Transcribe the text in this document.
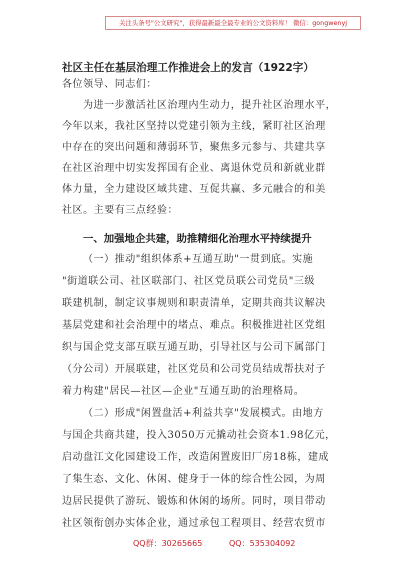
关注头条号"公文研究"，获得最新最全最专业的公文资料库！ 微信：gongwenyj
社区主任在基层治理工作推进会上的发言（1922字）
各位领导、同志们：
为进一步激活社区治理内生动力，提升社区治理水平，
今年以来，我社区坚持以党建引领为主线，紧盯社区治理
中存在的突出问题和薄弱环节，聚焦多元参与、共建共享
在社区治理中切实发挥国有企业、离退休党员和新就业群
体力量，全力建设区域共建、互促共赢、多元融合的和美
社区。主要有三点经验：
一、加强地企共建，助推精细化治理水平持续提升
（一）推动"组织体系+互通互助"一贯到底。实施
"街道联公司、社区联部门、社区党员联公司党员"三级
联建机制，制定议事规则和职责清单，定期共商共议解决
基层党建和社会治理中的堵点、难点。积极推进社区党组
织与国企党支部互联互通互助，引导社区与公司下属部门
（分公司）开展联建，社区党员和公司党员结成帮扶对子
着力构建"居民—社区—企业"互通互助的治理格局。
（二）形成"闲置盘活+利益共享"发展模式。由地方
与国企共商共建，投入3050万元撬动社会资本1.98亿元，
启动盘江文化园建设工作，改造闲置废旧厂房18栋，建成
了集生态、文化、休闲、健身于一体的综合性公园，为周
边居民提供了游玩、锻炼和休闲的场所。同时，项目带动
社区领衔创办实体企业，通过承包工程项目、经营农贸市
QQ群：30265665	QQ：535304092
